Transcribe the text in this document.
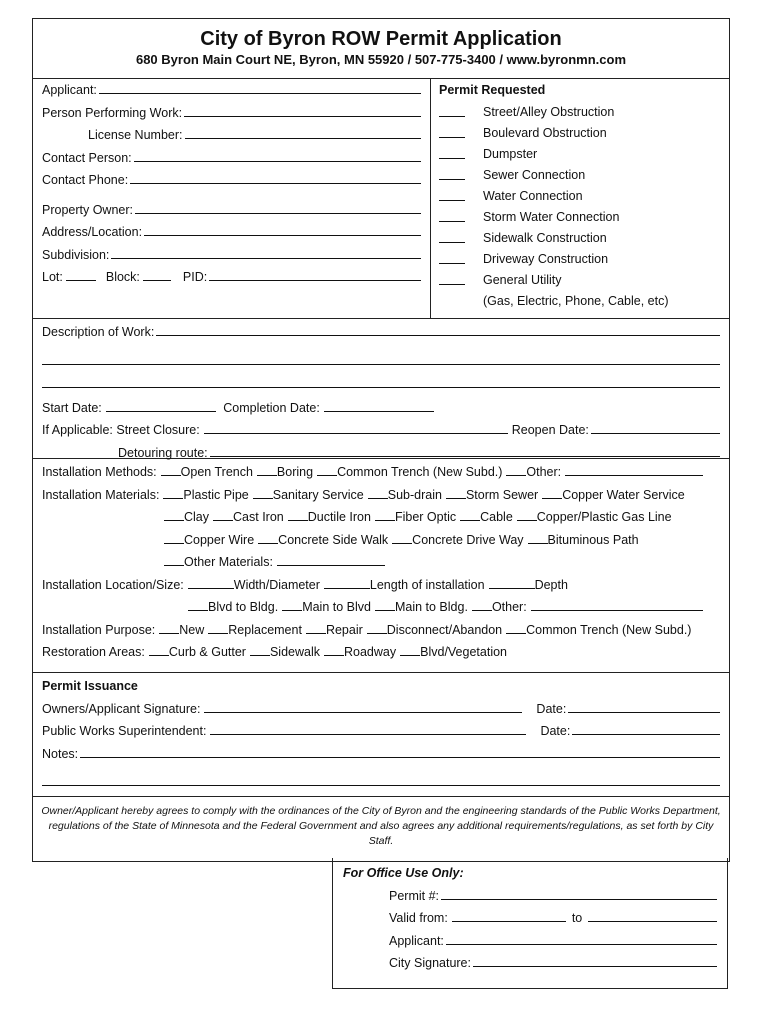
City of Byron ROW Permit Application
680 Byron Main Court NE, Byron, MN 55920 / 507-775-3400 / www.byronmn.com
Applicant:
Person Performing Work:
License Number:
Contact Person:
Contact Phone:
Property Owner:
Address/Location:
Subdivision:
Lot:	Block:	PID:
Permit Requested
Street/Alley Obstruction
Boulevard Obstruction
Dumpster
Sewer Connection
Water Connection
Storm Water Connection
Sidewalk Construction
Driveway Construction
General Utility
(Gas, Electric, Phone, Cable, etc)
Description of Work:
Start Date:	Completion Date:
If Applicable: Street Closure:	Reopen Date:
Detouring route:
Installation Methods: Open Trench Boring Common Trench (New Subd.) Other:
Installation Materials: Plastic Pipe Sanitary Service Sub-drain Storm Sewer Copper Water Service
Clay Cast Iron Ductile Iron Fiber Optic Cable Copper/Plastic Gas Line
Copper Wire Concrete Side Walk Concrete Drive Way Bituminous Path
Other Materials:
Installation Location/Size:	Width/Diameter	Length of installation	Depth
Blvd to Bldg. Main to Blvd Main to Bldg. Other:
Installation Purpose: New Replacement Repair Disconnect/Abandon Common Trench (New Subd.)
Restoration Areas: Curb & Gutter Sidewalk Roadway Blvd/Vegetation
Permit Issuance
Owners/Applicant Signature:	Date:
Public Works Superintendent:	Date:
Notes:
Owner/Applicant hereby agrees to comply with the ordinances of the City of Byron and the engineering standards of the Public Works Department, regulations of the State of Minnesota and the Federal Government and also agrees any additional requirements/regulations, as set forth by City Staff.
For Office Use Only:
Permit #:
Valid from:	to
Applicant:
City Signature:
